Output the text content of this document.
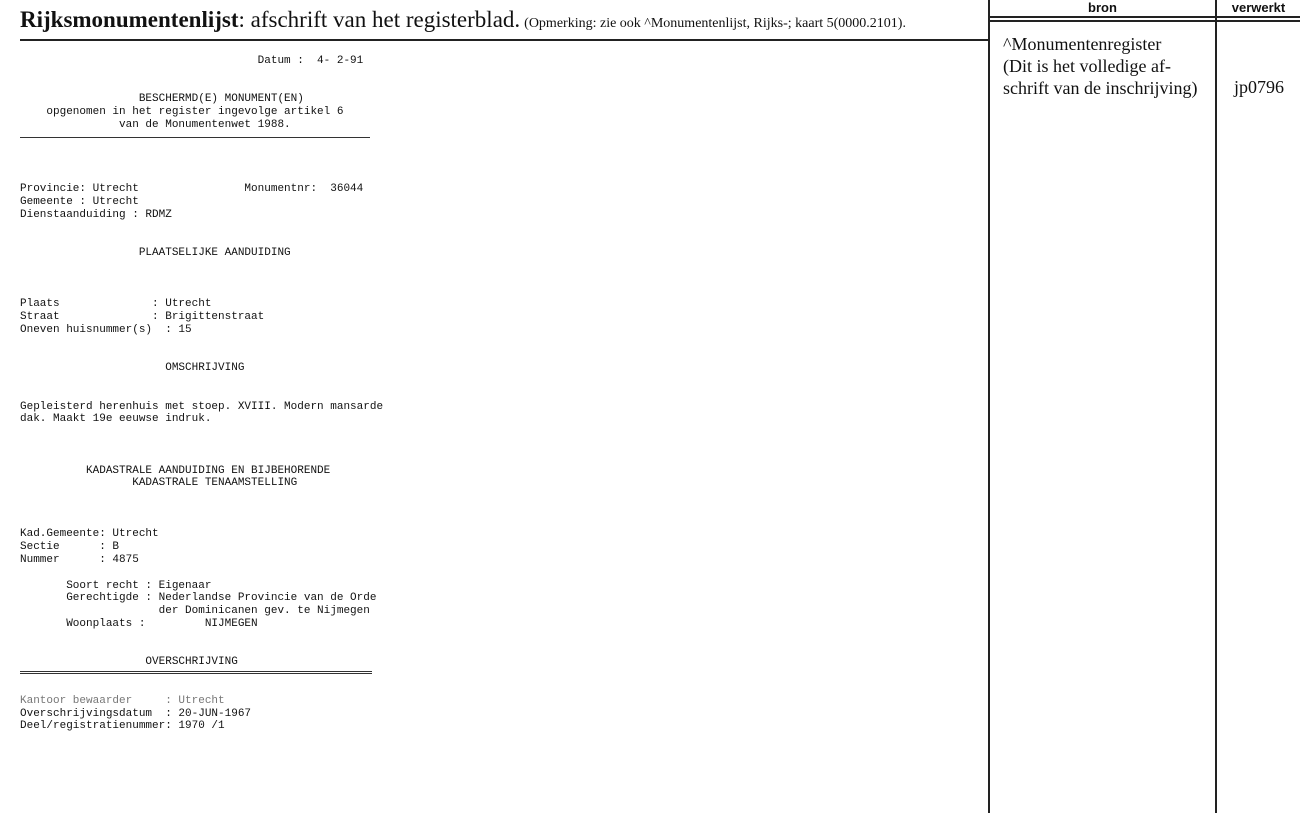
Rijksmonumentenlijst: afschrift van het registerblad. (Opmerking: zie ook ^Monumentenlijst, Rijks-; kaart 5(0000.2101).
bron	verwerkt
^Monumentenregister
(Dit is het volledige af-
schrift van de inschrijving)	jp0796
Datum :  4- 2-91

BESCHERMD(E) MONUMENT(EN)
opgenomen in het register ingevolge artikel 6
van de Monumentenwet 1988.

Provincie: Utrecht                Monumentnr:  36044
Gemeente : Utrecht
Dienstaanduiding : RDMZ

PLAATSELIJKE AANDUIDING

Plaats              : Utrecht
Straat              : Brigittenstraat
Oneven huisnummer(s)  : 15

OMSCHRIJVING

Gepleisterd herenhuis met stoep. XVIII. Modern mansarde
dak. Maakt 19e eeuwse indruk.

KADASTRALE AANDUIDING EN BIJBEHORENDE
KADASTRALE TENAAMSTELLING

Kad.Gemeente: Utrecht
Sectie      : B
Nummer      : 4875

Soort recht : Eigenaar
Gerechtigde : Nederlandse Provincie van de Orde
der Dominicanen gev. te Nijmegen
Woonplaats :         NIJMEGEN

OVERSCHRIJVING

Kantoor bewaarder     : Utrecht
Overschrijvingsdatum  : 20-JUN-1967
Deel/registratienummer: 1970 /1
